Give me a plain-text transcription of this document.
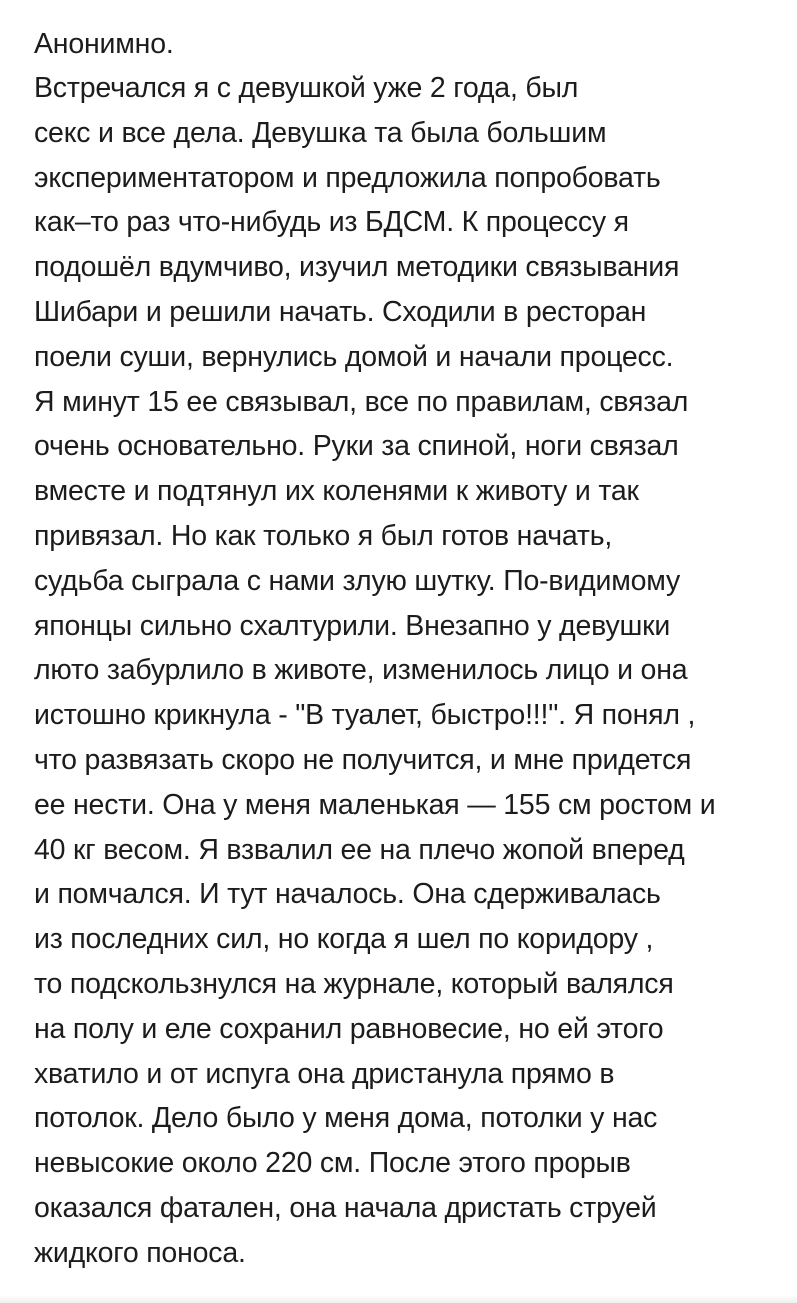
Анонимно.
Встречался я с девушкой уже 2 года, был
секс и все дела. Девушка та была большим
экспериментатором и предложила попробовать
как–то раз что-нибудь из БДСМ. К процессу я
подошёл вдумчиво, изучил методики связывания
Шибари и решили начать. Сходили в ресторан
поели суши, вернулись домой и начали процесс.
Я минут 15 ее связывал, все по правилам, связал
очень основательно. Руки за спиной, ноги связал
вместе и подтянул их коленями к животу и так
привязал. Но как только я был готов начать,
судьба сыграла с нами злую шутку. По-видимому
японцы сильно схалтурили. Внезапно у девушки
люто забурлило в животе, изменилось лицо и она
истошно крикнула - "В туалет, быстро!!!". Я понял ,
что развязать скоро не получится, и мне придется
ее нести. Она у меня маленькая — 155 см ростом и
40 кг весом. Я взвалил ее на плечо жопой вперед
и помчался. И тут началось. Она сдерживалась
из последних сил, но когда я шел по коридору ,
то подскользнулся на журнале, который валялся
на полу и еле сохранил равновесие, но ей этого
хватило и от испуга она дристанула прямо в
потолок. Дело было у меня дома, потолки у нас
невысокие около 220 см. После этого прорыв
оказался фатален, она начала дристать струей
жидкого поноса.
